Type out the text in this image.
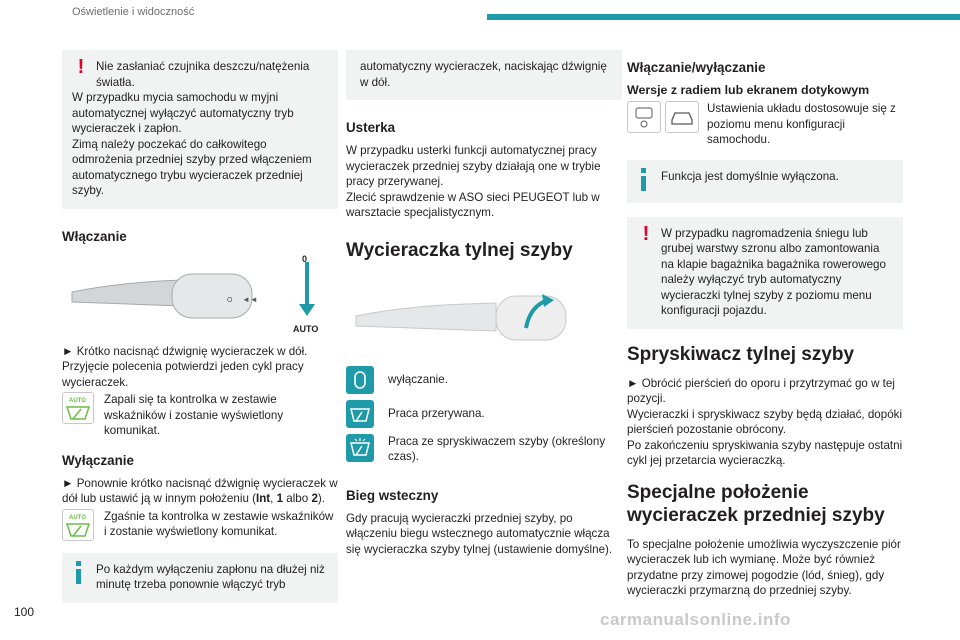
Oświetlenie i widoczność
!	Nie zasłaniać czujnika deszczu/natężenia światła.

W przypadku mycia samochodu w myjni automatycznej wyłączyć automatyczny tryb wycieraczek i zapłon.

Zimą należy poczekać do całkowitego odmrożenia przedniej szyby przed włączeniem automatycznego trybu wycieraczek przedniej szyby.

Włączanie
O ◄◄
0
AUTO

► Krótko nacisnąć dźwignię wycieraczek w dół. Przyjęcie polecenia potwierdzi jeden cykl pracy wycieraczek.

AUTO	Zapali się ta kontrolka w zestawie wskaźników i zostanie wyświetlony komunikat.

Wyłączanie

► Ponownie krótko nacisnąć dźwignię wycieraczek w dół lub ustawić ją w innym położeniu (Int, 1 albo 2).

AUTO	Zgaśnie ta kontrolka w zestawie wskaźników i zostanie wyświetlony komunikat.

Po każdym wyłączeniu zapłonu na dłużej niż minutę trzeba ponownie włączyć tryb

automatyczny wycieraczek, naciskając dźwignię w dół.

Usterka

W przypadku usterki funkcji automatycznej pracy wycieraczek przedniej szyby działają one w trybie pracy przerywanej.

Zlecić sprawdzenie w ASO sieci PEUGEOT lub w warsztacie specjalistycznym.

Wycieraczka tylnej szyby

wyłączanie.

Praca przerywana.

Praca ze spryskiwaczem szyby (określony czas).

Bieg wsteczny

Gdy pracują wycieraczki przedniej szyby, po włączeniu biegu wstecznego automatycznie włącza się wycieraczka szyby tylnej (ustawienie domyślne).

Włączanie/wyłączanie
Wersje z radiem lub ekranem dotykowym

Ustawienia układu dostosowuje się z poziomu menu konfiguracji samochodu.

Funkcja jest domyślnie wyłączona.

!	W przypadku nagromadzenia śniegu lub grubej warstwy szronu albo zamontowania na klapie bagażnika bagażnika rowerowego należy wyłączyć tryb automatyczny wycieraczki tylnej szyby z poziomu menu konfiguracji pojazdu.

Spryskiwacz tylnej szyby

► Obrócić pierścień do oporu i przytrzymać go w tej pozycji.

Wycieraczki i spryskiwacz szyby będą działać, dopóki pierścień pozostanie obrócony.

Po zakończeniu spryskiwania szyby następuje ostatni cykl jej przetarcia wycieraczką.

Specjalne położenie wycieraczek przedniej szyby

To specjalne położenie umożliwia wyczyszczenie piór wycieraczek lub ich wymianę. Może być również przydatne przy zimowej pogodzie (lód, śnieg), gdy wycieraczki przymarzną do przedniej szyby.

100	carmanualsonline.info
